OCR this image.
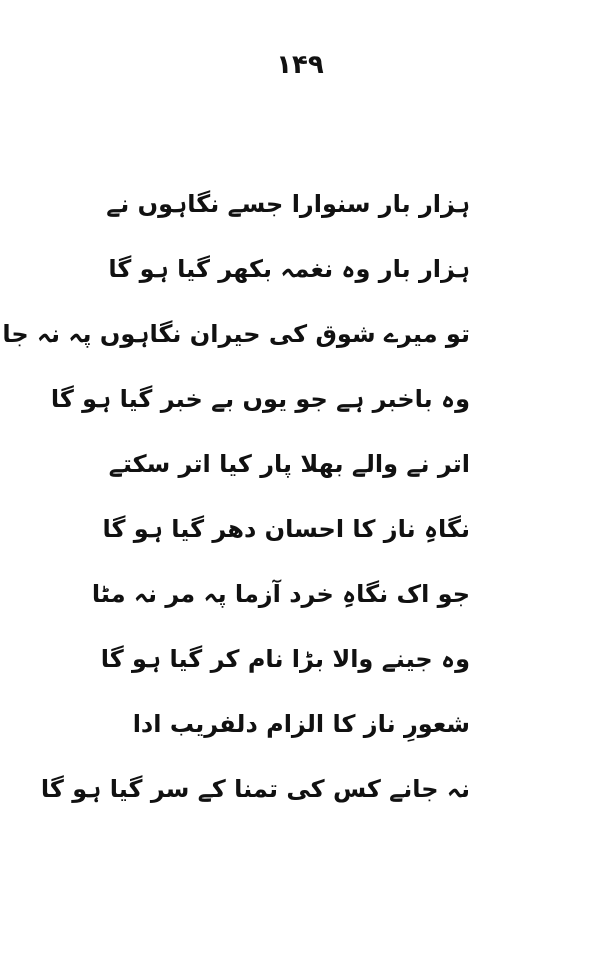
۱۴۹
ہزار بار سنوارا جسے نگاہوں نے
ہزار بار وہ نغمہ بکھر گیا ہو گا
تو میرے شوق کی حیران نگاہوں پہ نہ جا
وہ باخبر ہے جو یوں بے خبر گیا ہو گا
اتر نے والے بھلا پار کیا اتر سکتے
نگاہِ ناز کا احسان دھر گیا ہو گا
جو اک نگاہِ خرد آزما پہ مر نہ مٹا
وہ جینے والا بڑا نام کر گیا ہو گا
شعورِ ناز کا الزام دلفریب ادا
نہ جانے کس کی تمنا کے سر گیا ہو گا
